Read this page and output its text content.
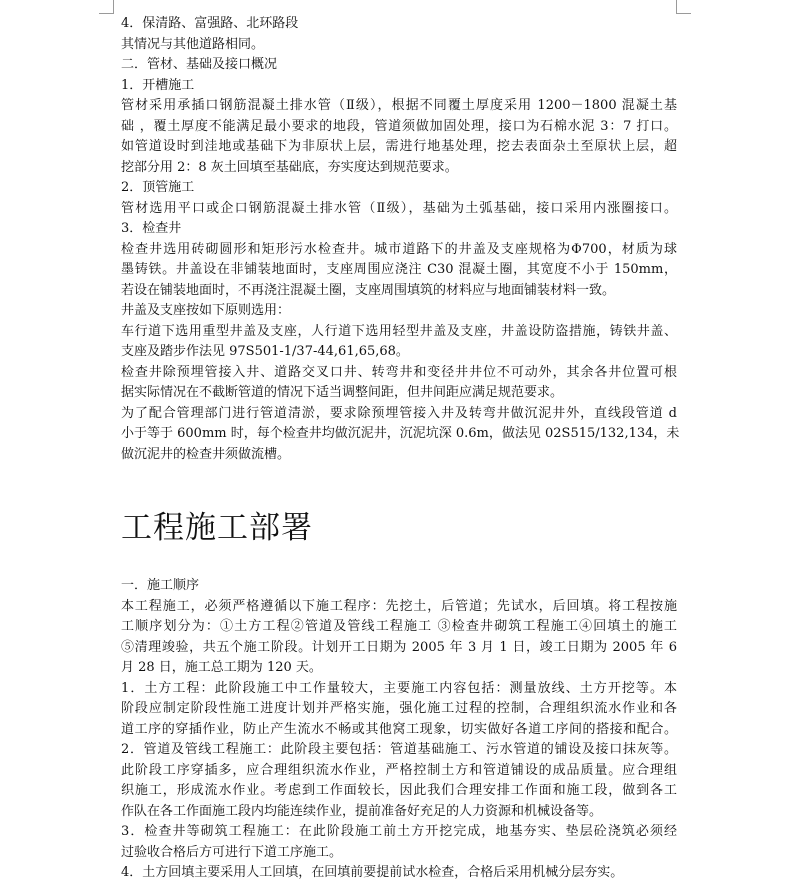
4．保清路、富强路、北环路段
其情况与其他道路相同。
二．管材、基础及接口概况
1．开槽施工
管材采用承插口钢筋混凝土排水管（Ⅱ级），根据不同覆土厚度采用 1200－1800 混凝土基
础 ，覆土厚度不能满足最小要求的地段，管道须做加固处理，接口为石棉水泥 3：7 打口。
如管道设时到洼地或基础下为非原状上层，需进行地基处理，挖去表面杂土至原状上层，超
挖部分用 2：8 灰土回填至基础底，夯实度达到规范要求。
2．顶管施工
管材选用平口或企口钢筋混凝土排水管（Ⅱ级），基础为土弧基础，接口采用内涨圈接口。
3．检查井
检查井选用砖砌圆形和矩形污水检查井。城市道路下的井盖及支座规格为Φ700，材质为球
墨铸铁。井盖设在非铺装地面时，支座周围应浇注 C30 混凝土圈，其宽度不小于 150mm，
若设在铺装地面时，不再浇注混凝土圈，支座周围填筑的材料应与地面铺装材料一致。
井盖及支座按如下原则选用：
车行道下选用重型井盖及支座，人行道下选用轻型井盖及支座，井盖设防盗措施，铸铁井盖、
支座及踏步作法见 97S501-1/37-44,61,65,68。
检查井除预埋管接入井、道路交叉口井、转弯井和变径井井位不可动外，其余各井位置可根
据实际情况在不截断管道的情况下适当调整间距，但井间距应满足规范要求。
为了配合管理部门进行管道清淤，要求除预埋管接入井及转弯井做沉泥井外，直线段管道 d
小于等于 600mm 时，每个检查井均做沉泥井，沉泥坑深 0.6m，做法见 02S515/132,134，未
做沉泥井的检查井须做流槽。
工程施工部署
一．施工顺序
本工程施工，必须严格遵循以下施工程序：先挖土，后管道；先试水，后回填。将工程按施
工顺序划分为：①土方工程②管道及管线工程施工 ③检查井砌筑工程施工④回填土的施工
⑤清理竣验，共五个施工阶段。计划开工日期为 2005 年 3 月 1 日，竣工日期为 2005 年 6
月 28 日，施工总工期为 120 天。
1．土方工程：此阶段施工中工作量较大，主要施工内容包括：测量放线、土方开挖等。本
阶段应制定阶段性施工进度计划并严格实施，强化施工过程的控制，合理组织流水作业和各
道工序的穿插作业，防止产生流水不畅或其他窝工现象，切实做好各道工序间的搭接和配合。
2．管道及管线工程施工：此阶段主要包括：管道基础施工、污水管道的铺设及接口抹灰等。
此阶段工序穿插多，应合理组织流水作业，严格控制土方和管道铺设的成品质量。应合理组
织施工，形成流水作业。考虑到工作面较长，因此我们合理安排工作面和施工段，做到各工
作队在各工作面施工段内均能连续作业，提前准备好充足的人力资源和机械设备等。
3．检查井等砌筑工程施工：在此阶段施工前土方开挖完成，地基夯实、垫层砼浇筑必须经
过验收合格后方可进行下道工序施工。
4．土方回填主要采用人工回填，在回填前要提前试水检查，合格后采用机械分层夯实。
